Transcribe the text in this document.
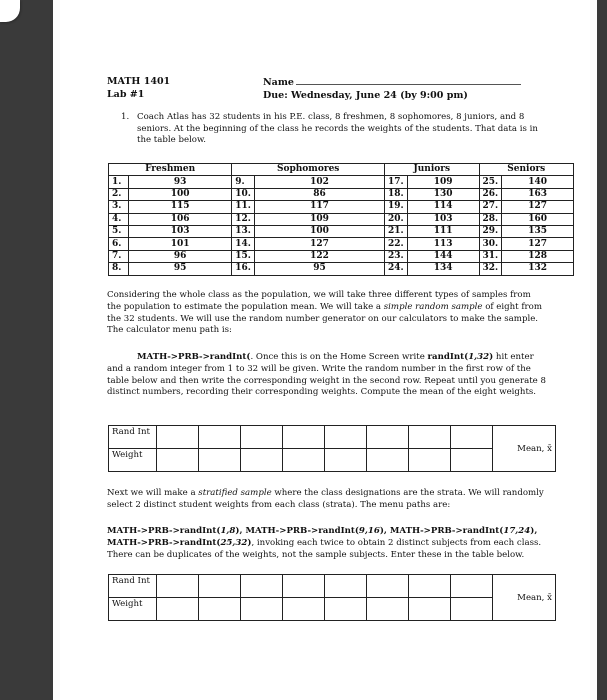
MATH 1401
Lab #1
Name
Due: Wednesday, June 24 (by 9:00 pm)
1. Coach Atlas has 32 students in his P.E. class, 8 freshmen, 8 sophomores, 8 juniors, and 8 seniors. At the beginning of the class he records the weights of the students. That data is in the table below.
Freshmen		Sophomores		Juniors		Seniors	
1.	93	9.	102	17.	109	25.	140
2.	100	10.	86	18.	130	26.	163
3.	115	11.	117	19.	114	27.	127
4.	106	12.	109	20.	103	28.	160
5.	103	13.	100	21.	111	29.	135
6.	101	14.	127	22.	113	30.	127
7.	96	15.	122	23.	144	31.	128
8.	95	16.	95	24.	134	32.	132
Considering the whole class as the population, we will take three different types of samples from the population to estimate the population mean. We will take a simple random sample of eight from the 32 students. We will use the random number generator on our calculators to make the sample. The calculator menu path is:
MATH->PRB->randInt(. Once this is on the Home Screen write randInt(1,32) hit enter and a random integer from 1 to 32 will be given. Write the random number in the first row of the table below and then write the corresponding weight in the second row. Repeat until you generate 8 distinct numbers, recording their corresponding weights. Compute the mean of the eight weights.
Rand Int									Mean, x̄
Weight									
Next we will make a stratified sample where the class designations are the strata. We will randomly select 2 distinct student weights from each class (strata). The menu paths are:
MATH->PRB->randInt(1,8), MATH->PRB->randInt(9,16), MATH->PRB->randInt(17,24), MATH->PRB->randInt(25,32), invoking each twice to obtain 2 distinct subjects from each class. There can be duplicates of the weights, not the sample subjects. Enter these in the table below.
Rand Int									Mean, x̄
Weight									
